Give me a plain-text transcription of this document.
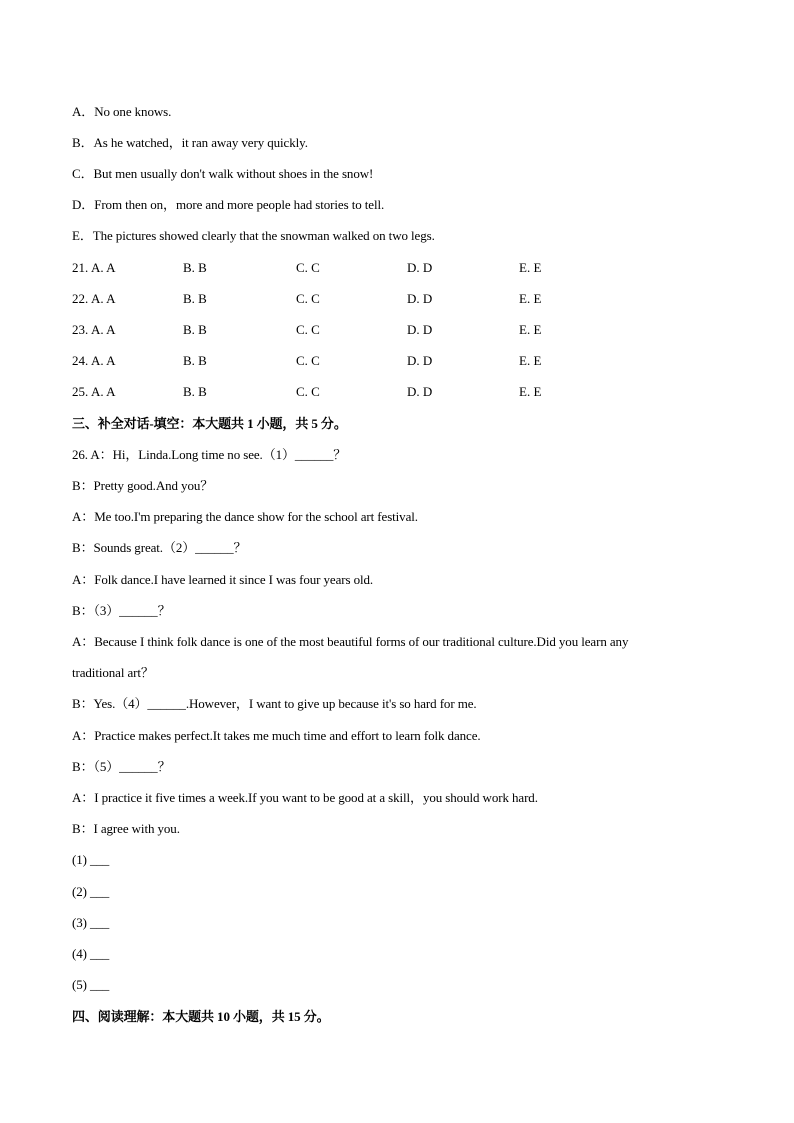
A．No one knows.
B．As he watched，it ran away very quickly.
C．But men usually don't walk without shoes in the snow!
D．From then on，more and more people had stories to tell.
E．The pictures showed clearly that the snowman walked on two legs.
21. A. A	B. B	C. C	D. D	E. E
22. A. A	B. B	C. C	D. D	E. E
23. A. A	B. B	C. C	D. D	E. E
24. A. A	B. B	C. C	D. D	E. E
25. A. A	B. B	C. C	D. D	E. E
三、补全对话-填空：本大题共 1 小题，共 5 分。
26. A：Hi，Linda.Long time no see.（1）______？
B：Pretty good.And you？
A：Me too.I'm preparing the dance show for the school art festival.
B：Sounds great.（2）______？
A：Folk dance.I have learned it since I was four years old.
B：（3）______？
A：Because I think folk dance is one of the most beautiful forms of our traditional culture.Did you learn any
traditional art？
B：Yes.（4）______.However，I want to give up because it's so hard for me.
A：Practice makes perfect.It takes me much time and effort to learn folk dance.
B：（5）______？
A：I practice it five times a week.If you want to be good at a skill，you should work hard.
B：I agree with you.
(1) ___
(2) ___
(3) ___
(4) ___
(5) ___
四、阅读理解：本大题共 10 小题，共 15 分。
